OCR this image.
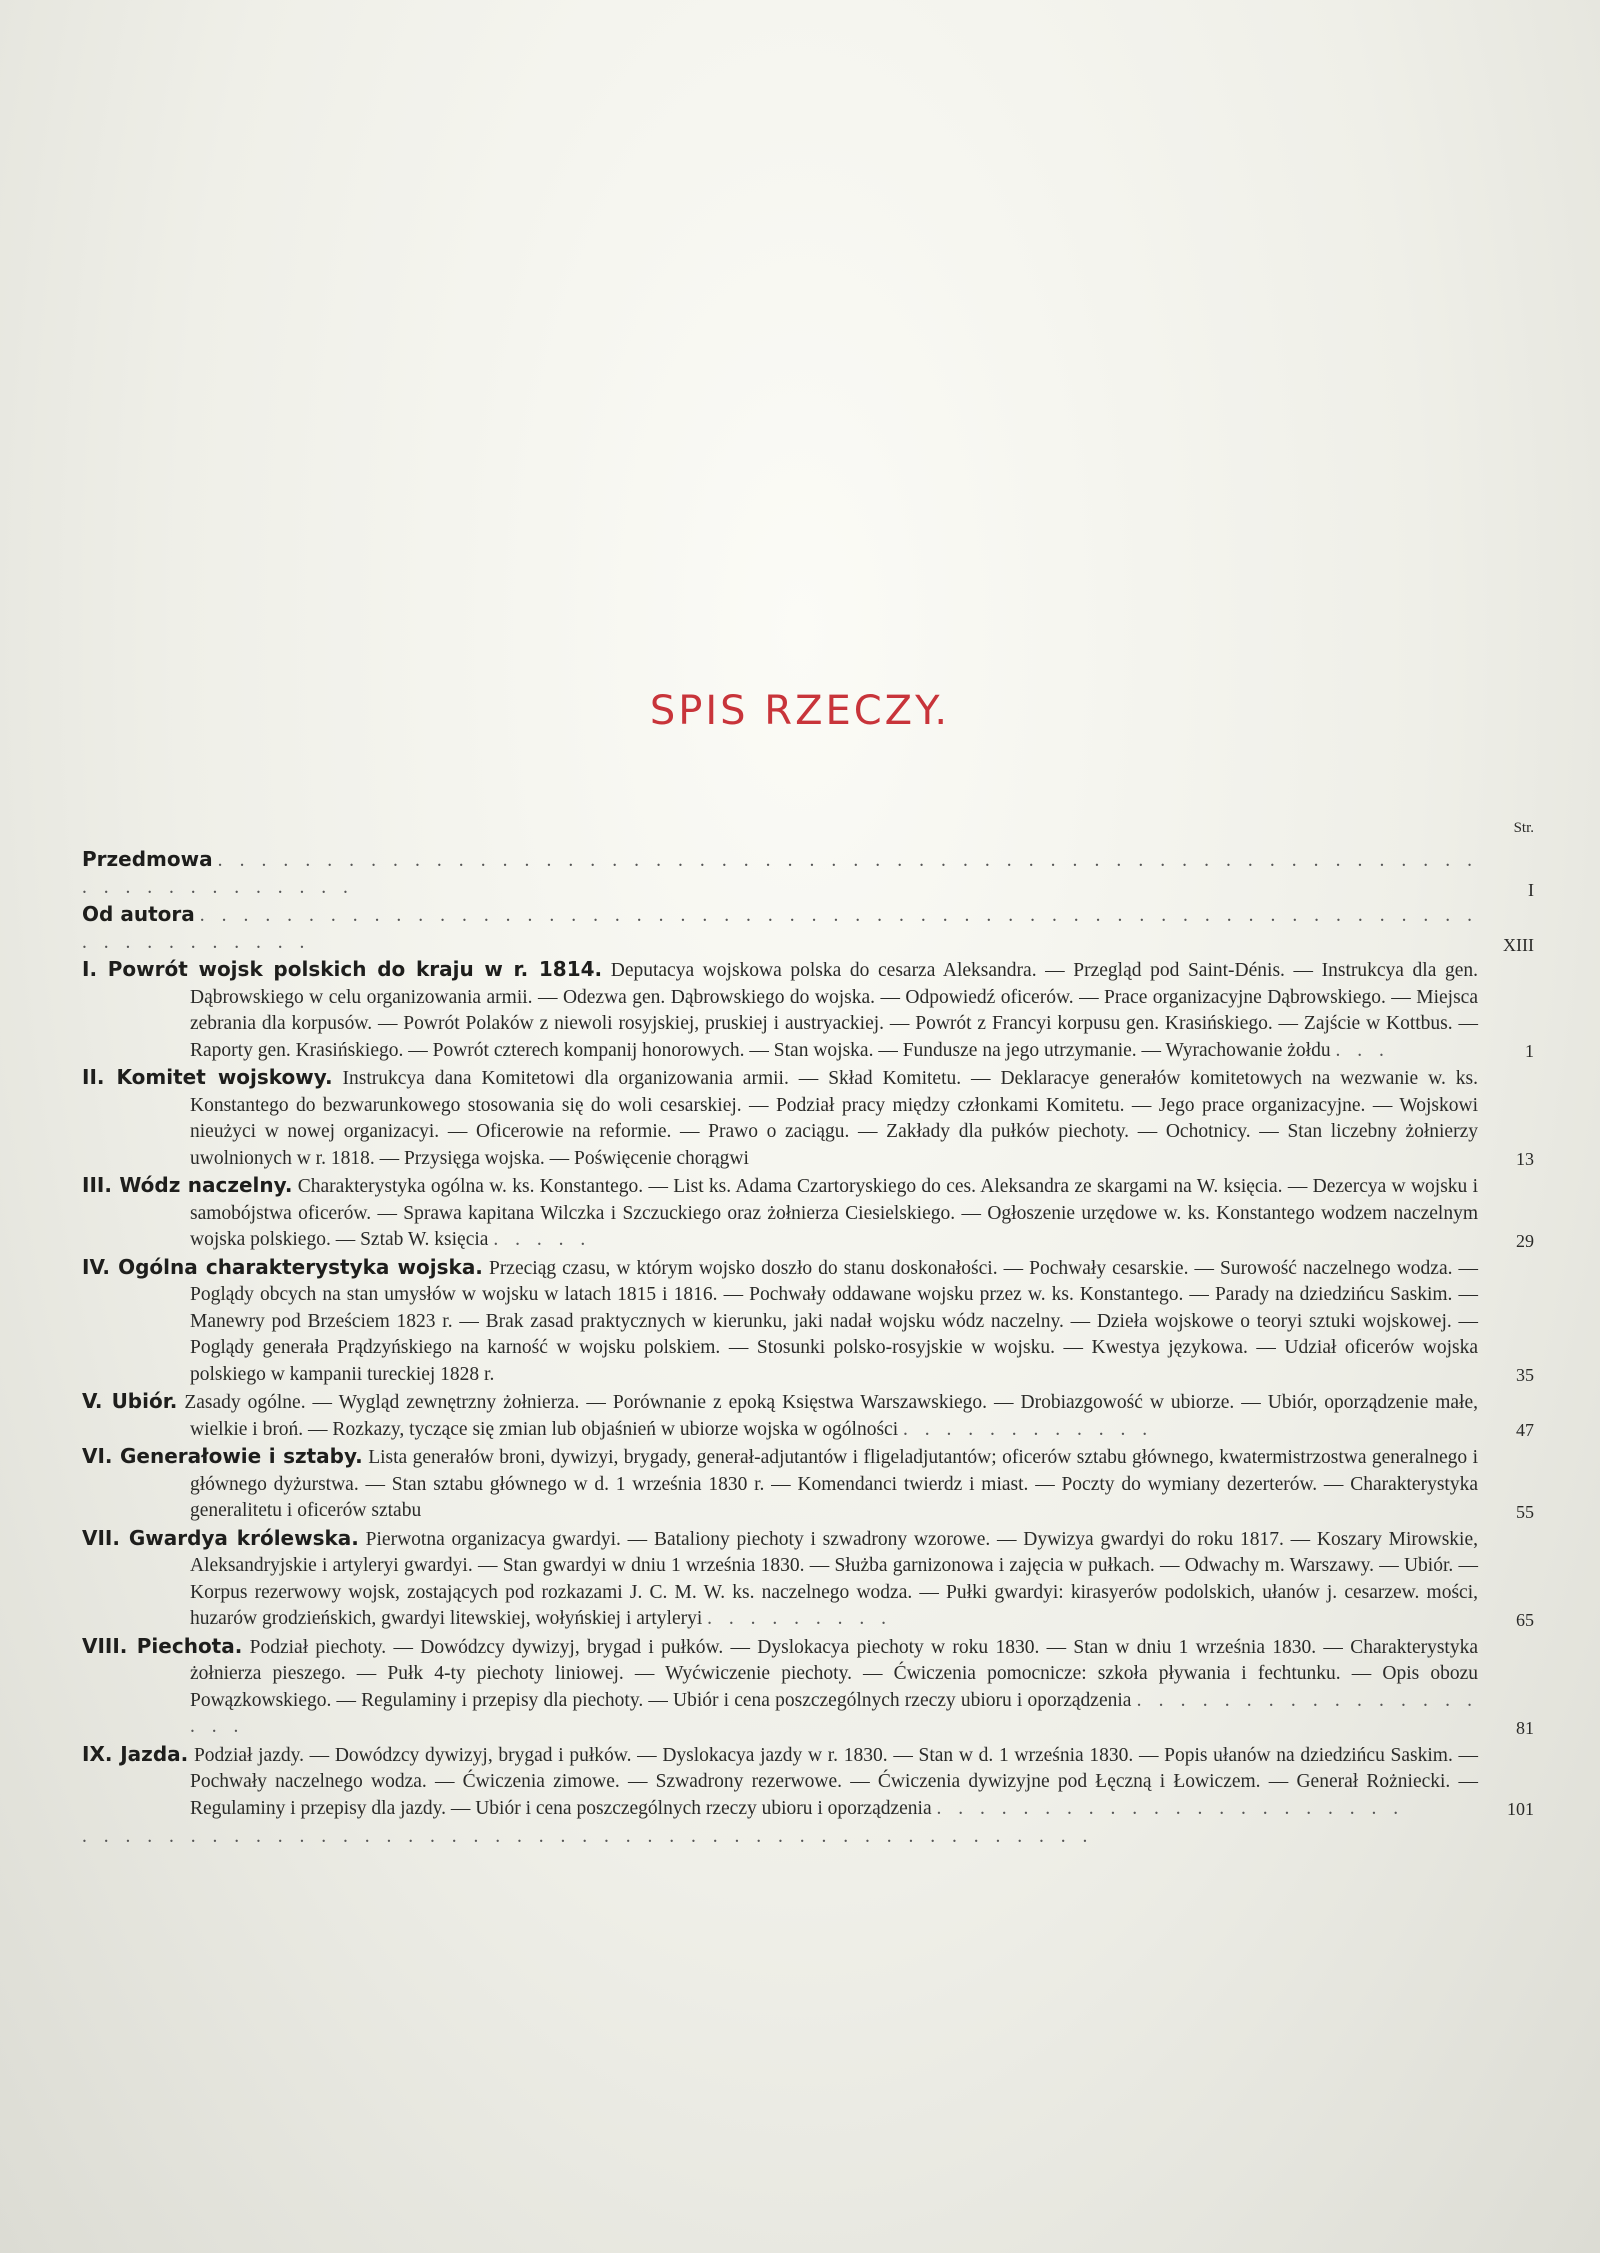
SPIS RZECZY.
Str.
Przedmowa . . . . . . . . . . . . . . . . . . . . . . . . . . . . . . . . . . . . . . . . . . . . . . . . . . . . . . . . . . . . . . . . . . . . . . .	I
Od autora . . . . . . . . . . . . . . . . . . . . . . . . . . . . . . . . . . . . . . . . . . . . . . . . . . . . . . . . . . . . . . . . . . . . . .	XIII
I. Powrót wojsk polskich do kraju w r. 1814. Deputacya wojskowa polska do cesarza Aleksandra. — Przegląd pod Saint-Dénis. — Instrukcya dla gen. Dąbrowskiego w celu organizowania armii. — Odezwa gen. Dąbrowskiego do wojska. — Odpowiedź oficerów. — Prace organizacyjne Dąbrowskiego. — Miejsca zebrania dla korpusów. — Powrót Polaków z niewoli rosyjskiej, pruskiej i austryackiej. — Powrót z Francyi korpusu gen. Krasińskiego. — Zajście w Kottbus. — Raporty gen. Krasińskiego. — Powrót czterech kompanij honorowych. — Stan wojska. — Fundusze na jego utrzymanie. — Wyrachowanie żołdu . . .	1
II. Komitet wojskowy. Instrukcya dana Komitetowi dla organizowania armii. — Skład Komitetu. — Deklaracye generałów komitetowych na wezwanie w. ks. Konstantego do bezwarunkowego stosowania się do woli cesarskiej. — Podział pracy między członkami Komitetu. — Jego prace organizacyjne. — Wojskowi nieużyci w nowej organizacyi. — Oficerowie na reformie. — Prawo o zaciągu. — Zakłady dla pułków piechoty. — Ochotnicy. — Stan liczebny żołnierzy uwolnionych w r. 1818. — Przysięga wojska. — Poświęcenie chorągwi	13
III. Wódz naczelny. Charakterystyka ogólna w. ks. Konstantego. — List ks. Adama Czartoryskiego do ces. Aleksandra ze skargami na W. księcia. — Dezercya w wojsku i samobójstwa oficerów. — Sprawa kapitana Wilczka i Szczuckiego oraz żołnierza Ciesielskiego. — Ogłoszenie urzędowe w. ks. Konstantego wodzem naczelnym wojska polskiego. — Sztab W. księcia . . . . .	29
IV. Ogólna charakterystyka wojska. Przeciąg czasu, w którym wojsko doszło do stanu doskonałości. — Pochwały cesarskie. — Surowość naczelnego wodza. — Poglądy obcych na stan umysłów w wojsku w latach 1815 i 1816. — Pochwały oddawane wojsku przez w. ks. Konstantego. — Parady na dziedzińcu Saskim. — Manewry pod Brześciem 1823 r. — Brak zasad praktycznych w kierunku, jaki nadał wojsku wódz naczelny. — Dzieła wojskowe o teoryi sztuki wojskowej. — Poglądy generała Prądzyńskiego na karność w wojsku polskiem. — Stosunki polsko-rosyjskie w wojsku. — Kwestya językowa. — Udział oficerów wojska polskiego w kampanii tureckiej 1828 r.	35
V. Ubiór. Zasady ogólne. — Wygląd zewnętrzny żołnierza. — Porównanie z epoką Księstwa Warszawskiego. — Drobiazgowość w ubiorze. — Ubiór, oporządzenie małe, wielkie i broń. — Rozkazy, tyczące się zmian lub objaśnień w ubiorze wojska w ogólności . . . . . . . . . . . .	47
VI. Generałowie i sztaby. Lista generałów broni, dywizyi, brygady, generał-adjutantów i fligeladjutantów; oficerów sztabu głównego, kwatermistrzostwa generalnego i głównego dyżurstwa. — Stan sztabu głównego w d. 1 września 1830 r. — Komendanci twierdz i miast. — Poczty do wymiany dezerterów. — Charakterystyka generalitetu i oficerów sztabu	55
VII. Gwardya królewska. Pierwotna organizacya gwardyi. — Bataliony piechoty i szwadrony wzorowe. — Dywizya gwardyi do roku 1817. — Koszary Mirowskie, Aleksandryjskie i artyleryi gwardyi. — Stan gwardyi w dniu 1 września 1830. — Służba garnizonowa i zajęcia w pułkach. — Odwachy m. Warszawy. — Ubiór. — Korpus rezerwowy wojsk, zostających pod rozkazami J. C. M. W. ks. naczelnego wodza. — Pułki gwardyi: kirasyerów podolskich, ułanów j. cesarzew. mości, huzarów grodzieńskich, gwardyi litewskiej, wołyńskiej i artyleryi . . . . . . . . .	65
VIII. Piechota. Podział piechoty. — Dowódzcy dywizyj, brygad i pułków. — Dyslokacya piechoty w roku 1830. — Stan w dniu 1 września 1830. — Charakterystyka żołnierza pieszego. — Pułk 4-ty piechoty liniowej. — Wyćwiczenie piechoty. — Ćwiczenia pomocnicze: szkoła pływania i fechtunku. — Opis obozu Powązkowskiego. — Regulaminy i przepisy dla piechoty. — Ubiór i cena poszczególnych rzeczy ubioru i oporządzenia . . . . . . . . . . . . . . . . . . .	81
IX. Jazda. Podział jazdy. — Dowódzcy dywizyj, brygad i pułków. — Dyslokacya jazdy w r. 1830. — Stan w d. 1 września 1830. — Popis ułanów na dziedzińcu Saskim. — Pochwały naczelnego wodza. — Ćwiczenia zimowe. — Szwadrony rezerwowe. — Ćwiczenia dywizyjne pod Łęczną i Łowiczem. — Generał Rożniecki. — Regulaminy i przepisy dla jazdy. — Ubiór i cena poszczególnych rzeczy ubioru i oporządzenia . . . . . . . . . . . . . . . . . . . . . .	101
. . . . . . . . . . . . . . . . . . . . . . . . . . . . . . . . . . . . . . . . . . . . . . .
